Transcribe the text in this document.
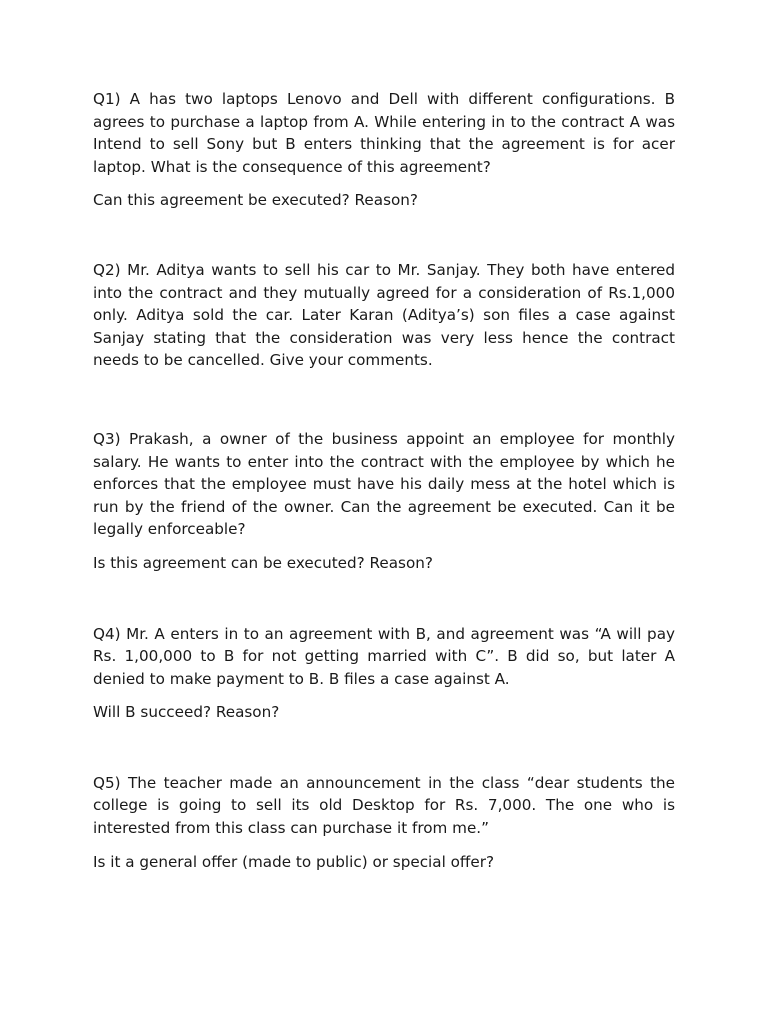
Q1) A has two laptops Lenovo and Dell with different configurations. B agrees to purchase a laptop from A. While entering in to the contract A was Intend to sell Sony but B enters thinking that the agreement is for acer laptop. What is the consequence of this agreement?

Can this agreement be executed? Reason?

Q2) Mr. Aditya wants to sell his car to Mr. Sanjay. They both have entered into the contract and they mutually agreed for a consideration of Rs.1,000 only. Aditya sold the car. Later Karan (Aditya’s) son files a case against Sanjay stating that the consideration was very less hence the contract needs to be cancelled. Give your comments.

Q3) Prakash, a owner of the business appoint an employee for monthly salary. He wants to enter into the contract with the employee by which he enforces that the employee must have his daily mess at the hotel which is run by the friend of the owner. Can the agreement be executed. Can it be legally enforceable?

Is this agreement can be executed? Reason?

Q4) Mr. A enters in to an agreement with B, and agreement was “A will pay Rs. 1,00,000 to B for not getting married with C”. B did so, but later A denied to make payment to B. B files a case against A.

Will B succeed? Reason?

Q5) The teacher made an announcement in the class “dear students the college is going to sell its old Desktop for Rs. 7,000. The one who is interested from this class can purchase it from me.”

Is it a general offer (made to public) or special offer?
